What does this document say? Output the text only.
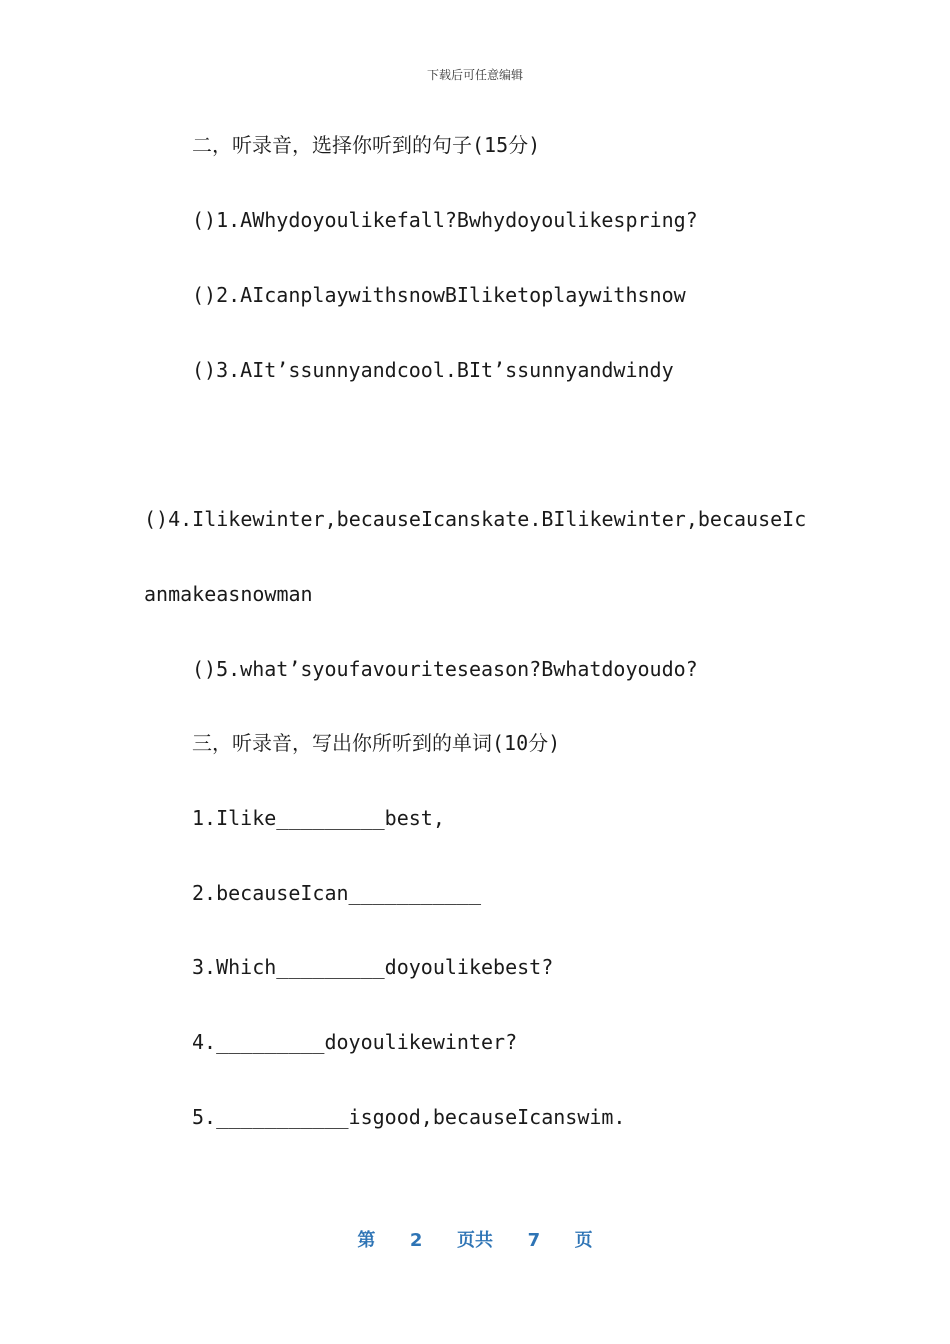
下载后可任意编辑
二，听录音，选择你听到的句子(15分)
()1.AWhydoyoulikefall?Bwhydoyoulikespring?
()2.AIcanplaywithsnowBIliketoplaywithsnow
()3.AIt’ssunnyandcool.BIt’ssunnyandwindy
()4.Ilikewinter,becauseIcanskate.BIlikewinter,becauseIc
anmakeasnowman
()5.what’syoufavouriteseason?Bwhatdoyoudo?
三，听录音，写出你所听到的单词(10分)
1.Ilike_________best,
2.becauseIcan___________
3.Which_________doyoulikebest?
4._________doyoulikewinter?
5.___________isgood,becauseIcanswim.
第 2 页共 7 页
